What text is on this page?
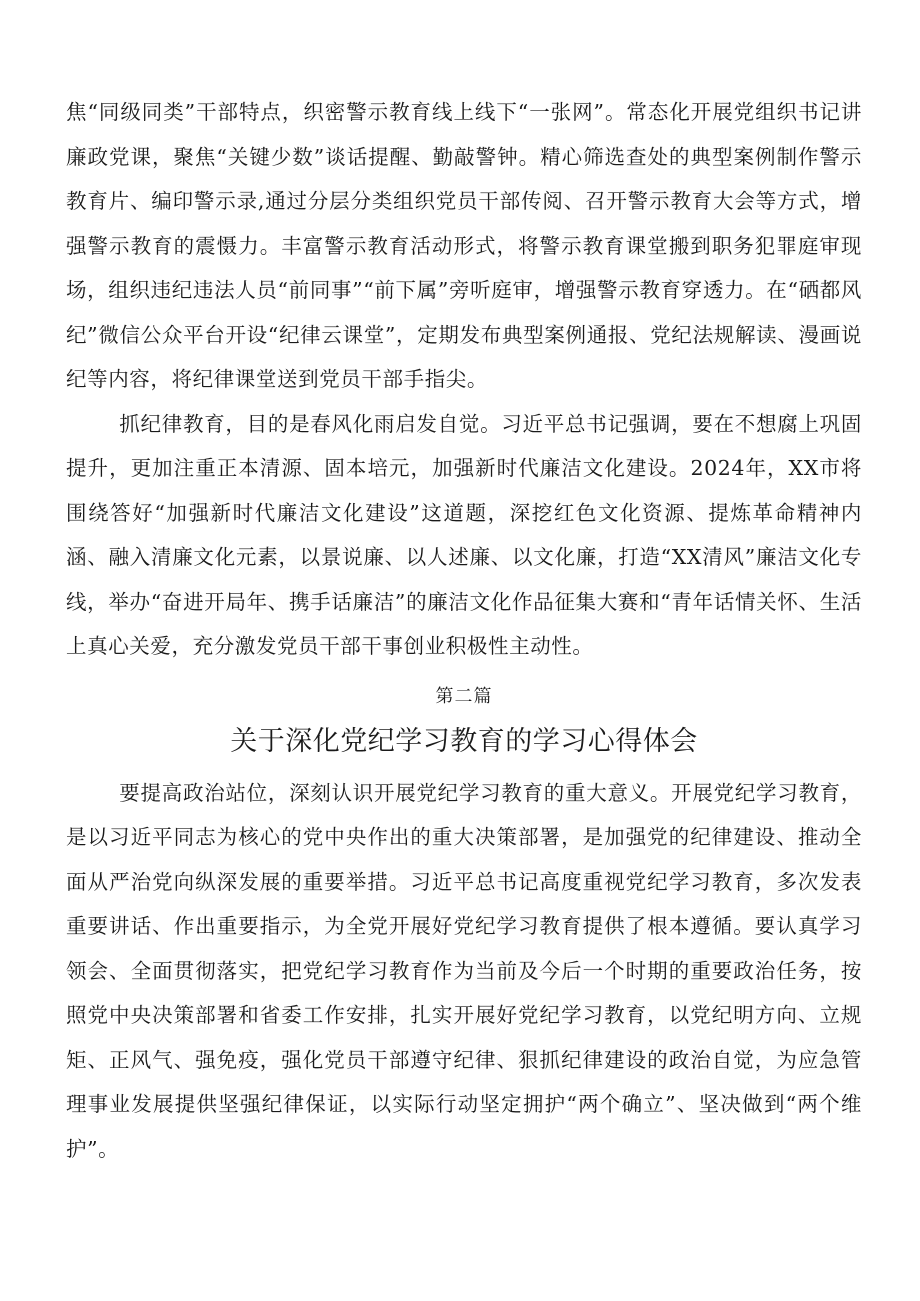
焦“同级同类”干部特点，织密警示教育线上线下“一张网”。常态化开展党组织书记讲廉政党课，聚焦“关键少数”谈话提醒、勤敲警钟。精心筛选查处的典型案例制作警示教育片、编印警示录,通过分层分类组织党员干部传阅、召开警示教育大会等方式，增强警示教育的震慑力。丰富警示教育活动形式，将警示教育课堂搬到职务犯罪庭审现场，组织违纪违法人员“前同事”“前下属”旁听庭审，增强警示教育穿透力。在“硒都风纪”微信公众平台开设“纪律云课堂”，定期发布典型案例通报、党纪法规解读、漫画说纪等内容，将纪律课堂送到党员干部手指尖。

抓纪律教育，目的是春风化雨启发自觉。习近平总书记强调，要在不想腐上巩固提升，更加注重正本清源、固本培元，加强新时代廉洁文化建设。2024年，XX市将围绕答好“加强新时代廉洁文化建设”这道题，深挖红色文化资源、提炼革命精神内涵、融入清廉文化元素，以景说廉、以人述廉、以文化廉，打造“XX清风”廉洁文化专线，举办“奋进开局年、携手话廉洁”的廉洁文化作品征集大赛和“青年话情关怀、生活上真心关爱，充分激发党员干部干事创业积极性主动性。

第二篇
关于深化党纪学习教育的学习心得体会

要提高政治站位，深刻认识开展党纪学习教育的重大意义。开展党纪学习教育，是以习近平同志为核心的党中央作出的重大决策部署，是加强党的纪律建设、推动全面从严治党向纵深发展的重要举措。习近平总书记高度重视党纪学习教育，多次发表重要讲话、作出重要指示，为全党开展好党纪学习教育提供了根本遵循。要认真学习领会、全面贯彻落实，把党纪学习教育作为当前及今后一个时期的重要政治任务，按照党中央决策部署和省委工作安排，扎实开展好党纪学习教育，以党纪明方向、立规矩、正风气、强免疫，强化党员干部遵守纪律、狠抓纪律建设的政治自觉，为应急管理事业发展提供坚强纪律保证，以实际行动坚定拥护“两个确立”、坚决做到“两个维护”。
